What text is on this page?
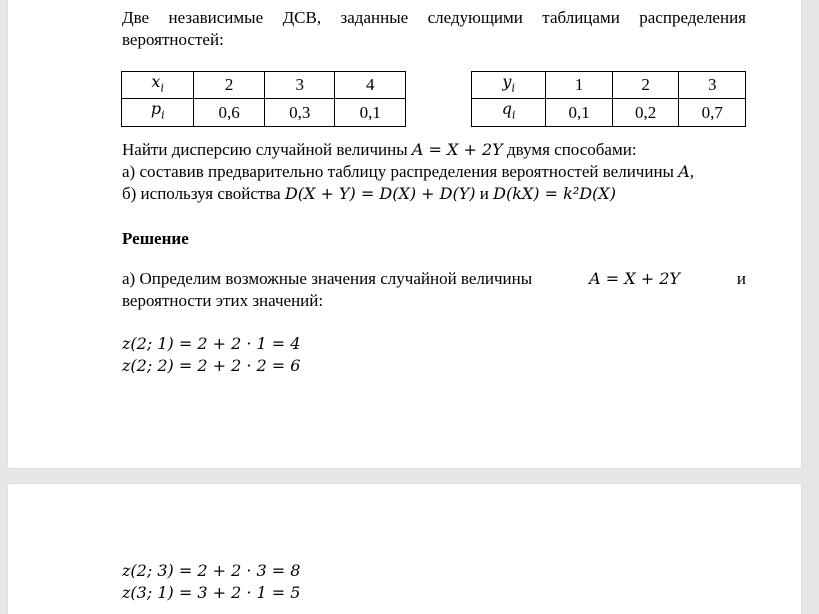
Две независимые ДСВ, заданные следующими таблицами распределения
вероятностей:
$x_i$	2	3	4
$p_i$	0,6	0,3	0,1
$y_i$	1	2	3
$q_i$	0,1	0,2	0,7
Найти дисперсию случайной величины A = X + 2Y двумя способами:
а) составив предварительно таблицу распределения вероятностей величины A,
б) используя свойства D(X + Y) = D(X) + D(Y) и D(kX) = k²D(X)
Решение
а) Определим возможные значения случайной величины	A = X + 2Y	и
вероятности этих значений:
z(2; 1) = 2 + 2 · 1 = 4
z(2; 2) = 2 + 2 · 2 = 6
z(2; 3) = 2 + 2 · 3 = 8
z(3; 1) = 3 + 2 · 1 = 5
